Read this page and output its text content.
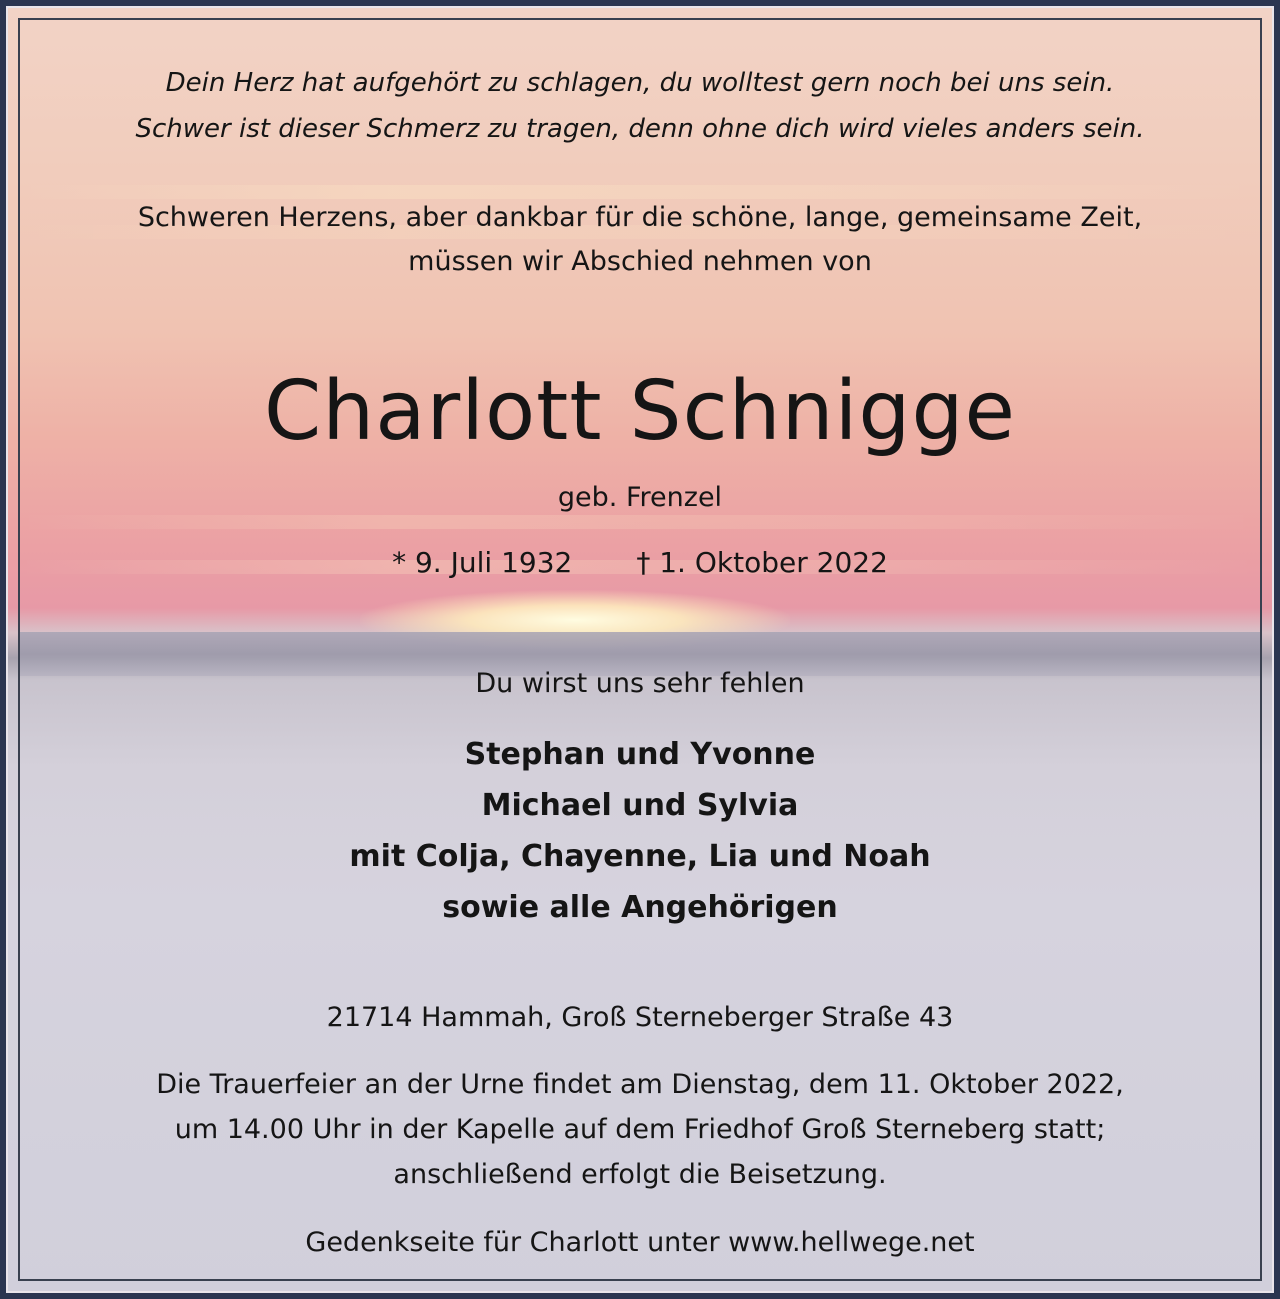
Dein Herz hat aufgehört zu schlagen, du wolltest gern noch bei uns sein.
Schwer ist dieser Schmerz zu tragen, denn ohne dich wird vieles anders sein.
Schweren Herzens, aber dankbar für die schöne, lange, gemeinsame Zeit,
müssen wir Abschied nehmen von
Charlott Schnigge
geb. Frenzel
* 9. Juli 1932 † 1. Oktober 2022
Du wirst uns sehr fehlen
Stephan und Yvonne
Michael und Sylvia
mit Colja, Chayenne, Lia und Noah
sowie alle Angehörigen
21714 Hammah, Groß Sterneberger Straße 43
Die Trauerfeier an der Urne findet am Dienstag, dem 11. Oktober 2022,
um 14.00 Uhr in der Kapelle auf dem Friedhof Groß Sterneberg statt;
anschließend erfolgt die Beisetzung.
Gedenkseite für Charlott unter www.hellwege.net
